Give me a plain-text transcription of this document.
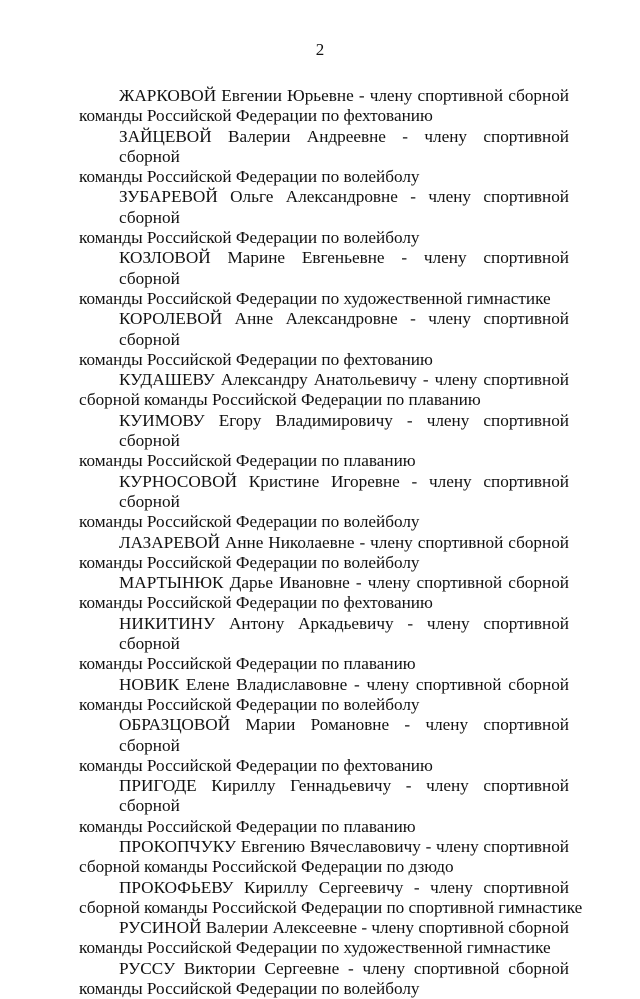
2

ЖАРКОВОЙ Евгении Юрьевне - члену спортивной сборной
команды Российской Федерации по фехтованию

ЗАЙЦЕВОЙ Валерии Андреевне - члену спортивной сборной
команды Российской Федерации по волейболу

ЗУБАРЕВОЙ Ольге Александровне - члену спортивной сборной
команды Российской Федерации по волейболу

КОЗЛОВОЙ Марине Евгеньевне - члену спортивной сборной
команды Российской Федерации по художественной гимнастике

КОРОЛЕВОЙ Анне Александровне - члену спортивной сборной
команды Российской Федерации по фехтованию

КУДАШЕВУ Александру Анатольевичу - члену спортивной
сборной команды Российской Федерации по плаванию

КУИМОВУ Егору Владимировичу - члену спортивной сборной
команды Российской Федерации по плаванию

КУРНОСОВОЙ Кристине Игоревне - члену спортивной сборной
команды Российской Федерации по волейболу

ЛАЗАРЕВОЙ Анне Николаевне - члену спортивной сборной
команды Российской Федерации по волейболу

МАРТЫНЮК Дарье Ивановне - члену спортивной сборной
команды Российской Федерации по фехтованию

НИКИТИНУ Антону Аркадьевичу - члену спортивной сборной
команды Российской Федерации по плаванию

НОВИК Елене Владиславовне - члену спортивной сборной
команды Российской Федерации по волейболу

ОБРАЗЦОВОЙ Марии Романовне - члену спортивной сборной
команды Российской Федерации по фехтованию

ПРИГОДЕ Кириллу Геннадьевичу - члену спортивной сборной
команды Российской Федерации по плаванию

ПРОКОПЧУКУ Евгению Вячеславовичу - члену спортивной
сборной команды Российской Федерации по дзюдо

ПРОКОФЬЕВУ Кириллу Сергеевичу - члену спортивной
сборной команды Российской Федерации по спортивной гимнастике

РУСИНОЙ Валерии Алексеевне - члену спортивной сборной
команды Российской Федерации по художественной гимнастике

РУССУ Виктории Сергеевне - члену спортивной сборной
команды Российской Федерации по волейболу
